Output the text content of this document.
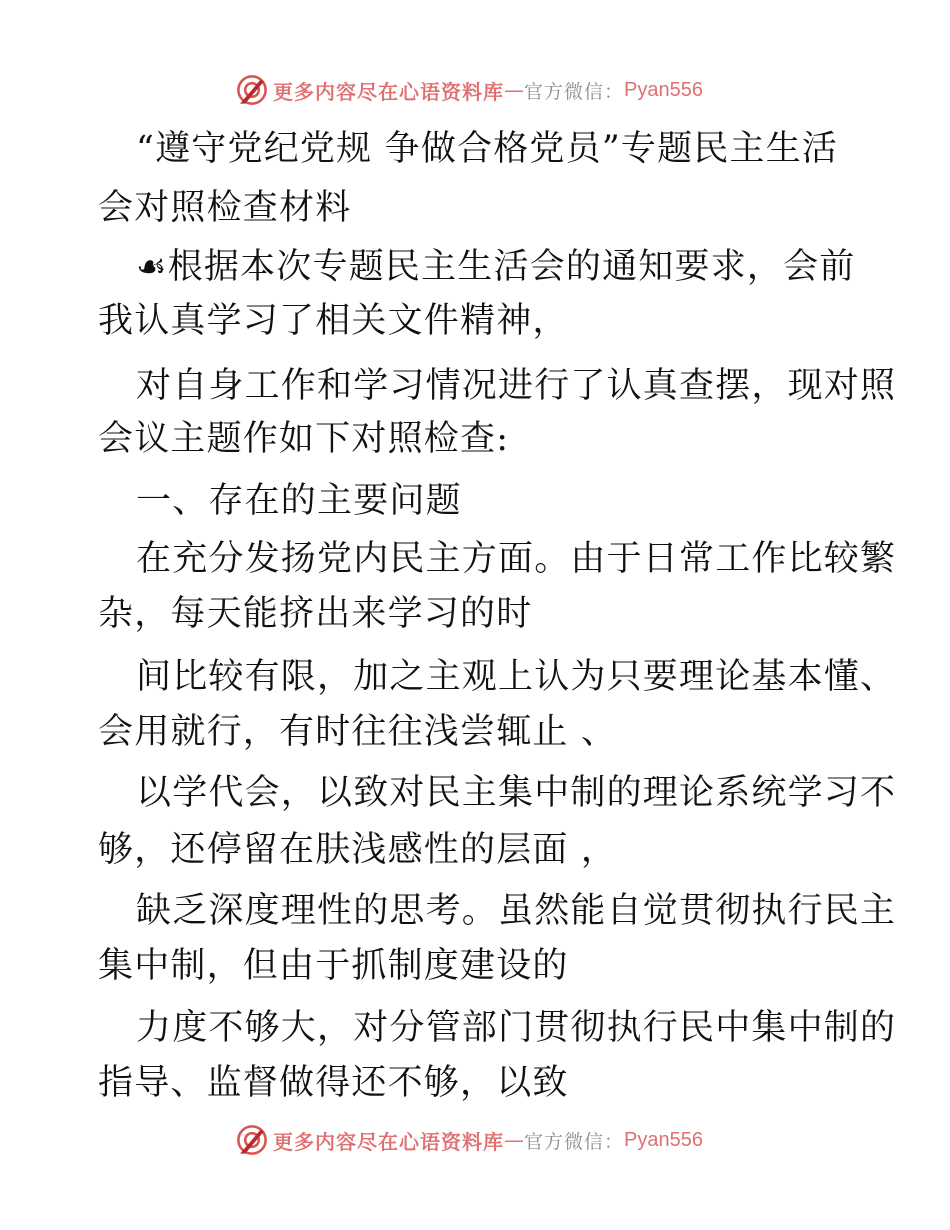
更多内容尽在心语资料库 — 官方微信： Pyan556
“遵守党纪党规 争做合格党员”专题民主生活
会对照检查材料
☙根据本次专题民主生活会的通知要求，会前
我认真学习了相关文件精神，
对自身工作和学习情况进行了认真查摆，现对照
会议主题作如下对照检查:
一、存在的主要问题
在充分发扬党内民主方面。由于日常工作比较繁
杂，每天能挤出来学习的时
间比较有限，加之主观上认为只要理论基本懂、
会用就行，有时往往浅尝辄止 、
以学代会，以致对民主集中制的理论系统学习不
够，还停留在肤浅感性的层面 ，
缺乏深度理性的思考。虽然能自觉贯彻执行民主
集中制，但由于抓制度建设的
力度不够大，对分管部门贯彻执行民中集中制的
指导、监督做得还不够，以致
更多内容尽在心语资料库 — 官方微信： Pyan556
